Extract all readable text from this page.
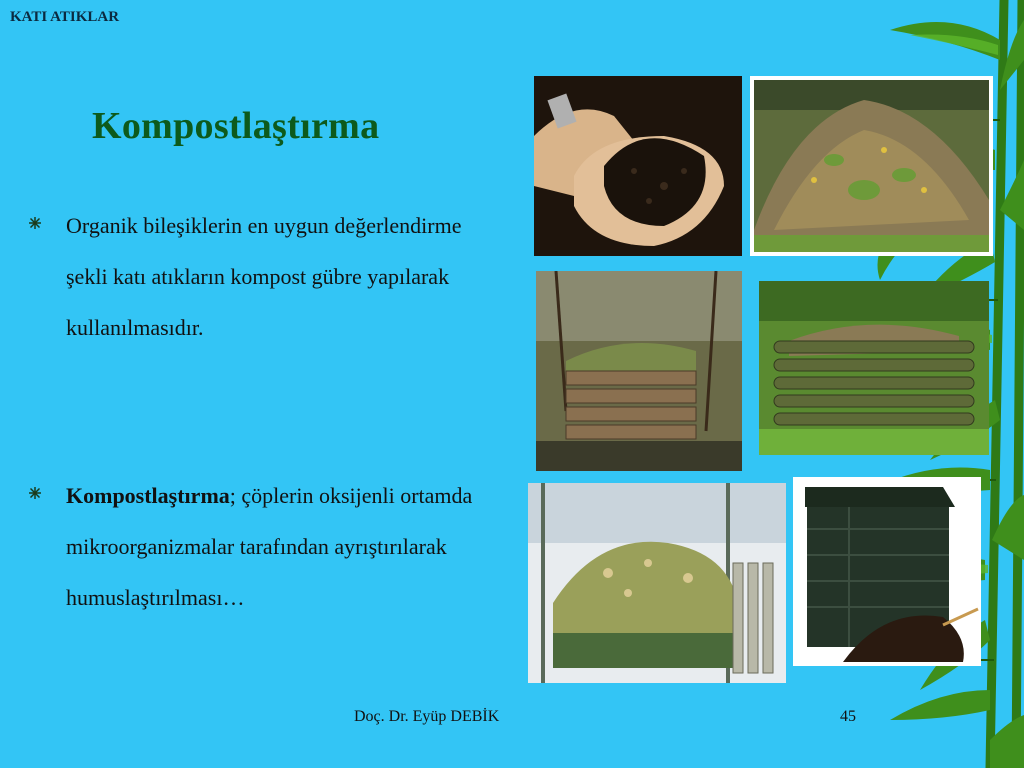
KATI ATIKLAR
Kompostlaştırma
Organik bileşiklerin en uygun değerlendirme şekli katı atıkların kompost gübre yapılarak kullanılmasıdır.
Kompostlaştırma; çöplerin oksijenli ortamda mikroorganizmalar tarafından ayrıştırılarak humuslaştırılması…
Doç. Dr. Eyüp DEBİK	45
